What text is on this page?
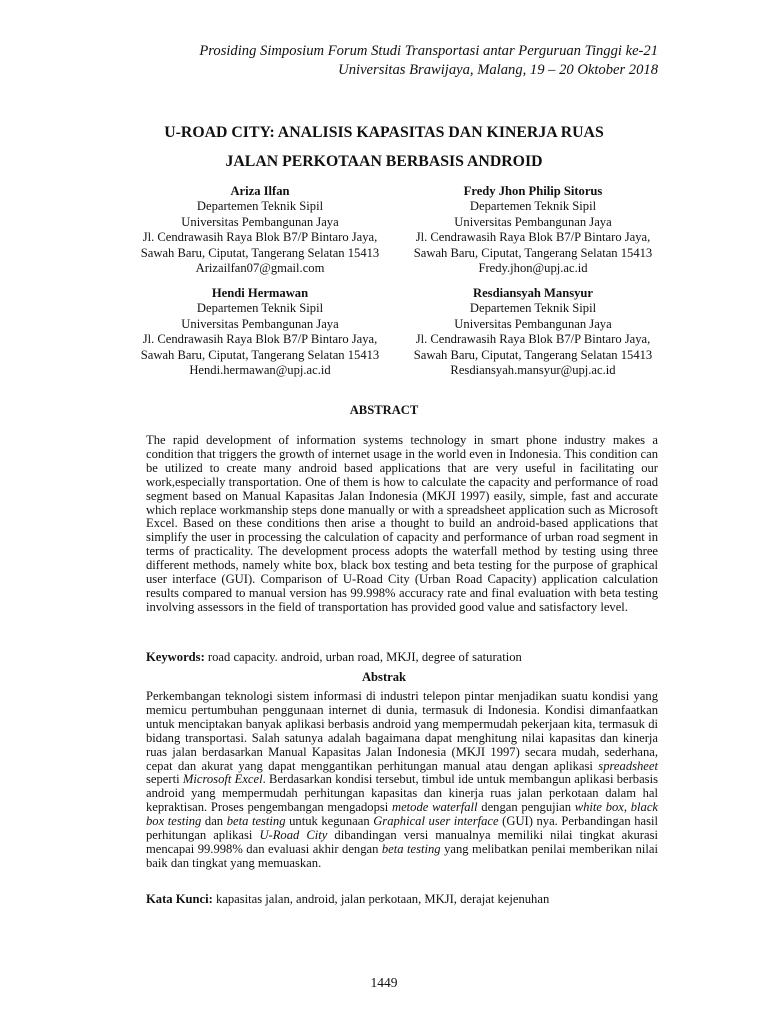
Prosiding Simposium Forum Studi Transportasi antar Perguruan Tinggi ke-21
Universitas Brawijaya, Malang, 19 – 20 Oktober 2018
U-ROAD CITY: ANALISIS KAPASITAS DAN KINERJA RUAS
JALAN PERKOTAAN BERBASIS ANDROID
Ariza Ilfan
Departemen Teknik Sipil
Universitas Pembangunan Jaya
Jl. Cendrawasih Raya Blok B7/P Bintaro Jaya,
Sawah Baru, Ciputat, Tangerang Selatan 15413
Arizailfan07@gmail.com
Fredy Jhon Philip Sitorus
Departemen Teknik Sipil
Universitas Pembangunan Jaya
Jl. Cendrawasih Raya Blok B7/P Bintaro Jaya,
Sawah Baru, Ciputat, Tangerang Selatan 15413
Fredy.jhon@upj.ac.id
Hendi Hermawan
Departemen Teknik Sipil
Universitas Pembangunan Jaya
Jl. Cendrawasih Raya Blok B7/P Bintaro Jaya,
Sawah Baru, Ciputat, Tangerang Selatan 15413
Hendi.hermawan@upj.ac.id
Resdiansyah Mansyur
Departemen Teknik Sipil
Universitas Pembangunan Jaya
Jl. Cendrawasih Raya Blok B7/P Bintaro Jaya,
Sawah Baru, Ciputat, Tangerang Selatan 15413
Resdiansyah.mansyur@upj.ac.id
ABSTRACT
The rapid development of information systems technology in smart phone industry makes a condition that triggers the growth of internet usage in the world even in Indonesia. This condition can be utilized to create many android based applications that are very useful in facilitating our work,especially transportation. One of them is how to calculate the capacity and performance of road segment based on Manual Kapasitas Jalan Indonesia (MKJI 1997) easily, simple, fast and accurate which replace workmanship steps done manually or with a spreadsheet application such as Microsoft Excel. Based on these conditions then arise a thought to build an android-based applications that simplify the user in processing the calculation of capacity and performance of urban road segment in terms of practicality. The development process adopts the waterfall method by testing using three different methods, namely white box, black box testing and beta testing for the purpose of graphical user interface (GUI). Comparison of U-Road City (Urban Road Capacity) application calculation results compared to manual version has 99.998% accuracy rate and final evaluation with beta testing involving assessors in the field of transportation has provided good value and satisfactory level.
Keywords: road capacity. android, urban road, MKJI, degree of saturation
Abstrak
Perkembangan teknologi sistem informasi di industri telepon pintar menjadikan suatu kondisi yang memicu pertumbuhan penggunaan internet di dunia, termasuk di Indonesia. Kondisi dimanfaatkan untuk menciptakan banyak aplikasi berbasis android yang mempermudah pekerjaan kita, termasuk di bidang transportasi. Salah satunya adalah bagaimana dapat menghitung nilai kapasitas dan kinerja ruas jalan berdasarkan Manual Kapasitas Jalan Indonesia (MKJI 1997) secara mudah, sederhana, cepat dan akurat yang dapat menggantikan perhitungan manual atau dengan aplikasi spreadsheet seperti Microsoft Excel. Berdasarkan kondisi tersebut, timbul ide untuk membangun aplikasi berbasis android yang mempermudah perhitungan kapasitas dan kinerja ruas jalan perkotaan dalam hal kepraktisan. Proses pengembangan mengadopsi metode waterfall dengan pengujian white box, black box testing dan beta testing untuk kegunaan Graphical user interface (GUI) nya. Perbandingan hasil perhitungan aplikasi U-Road City dibandingan versi manualnya memiliki nilai tingkat akurasi mencapai 99.998% dan evaluasi akhir dengan beta testing yang melibatkan penilai memberikan nilai baik dan tingkat yang memuaskan.
Kata Kunci: kapasitas jalan, android, jalan perkotaan, MKJI, derajat kejenuhan
1449
